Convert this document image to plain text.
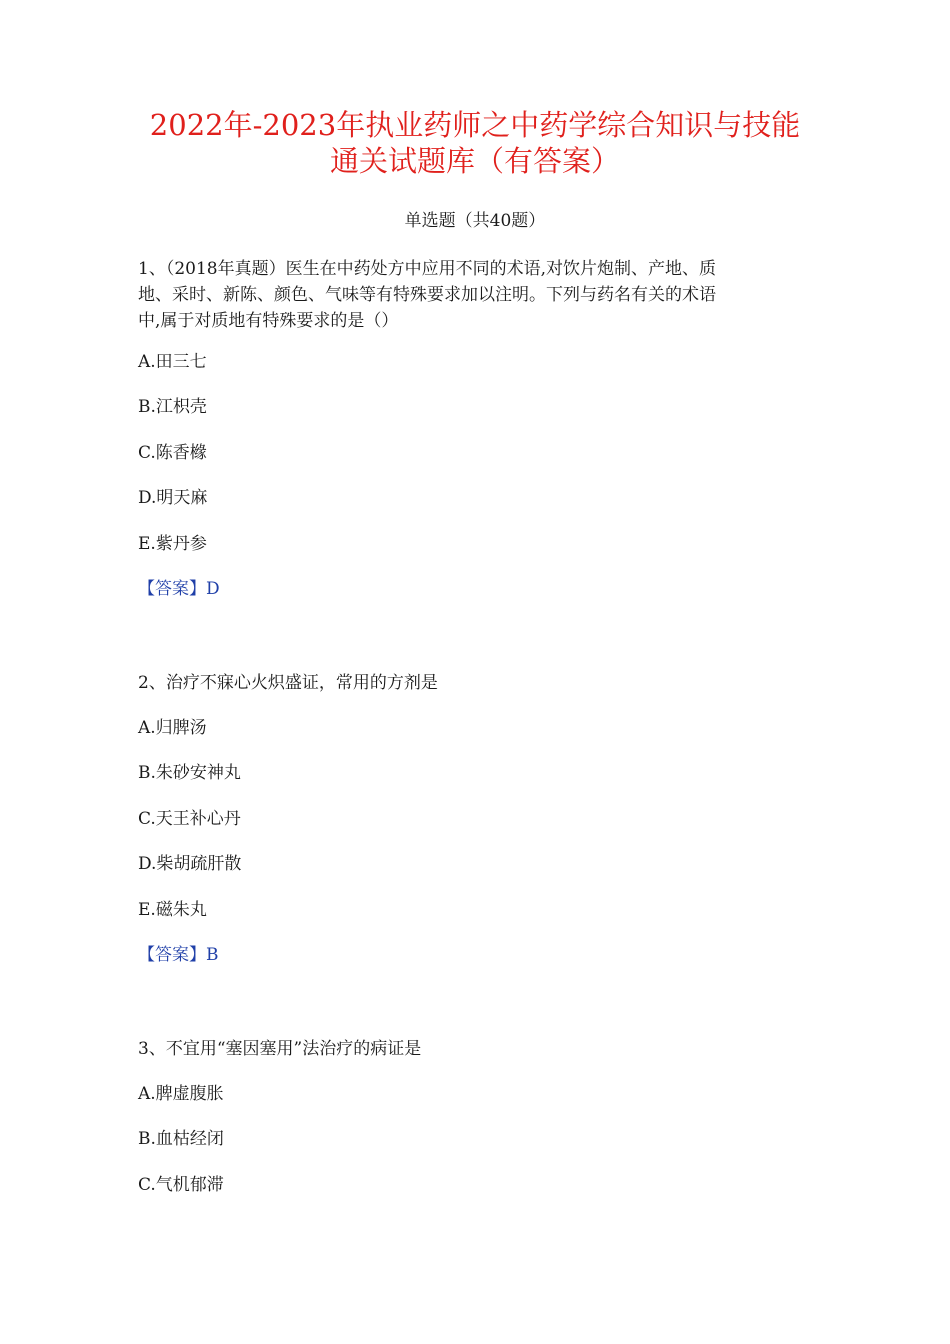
2022年-2023年执业药师之中药学综合知识与技能
通关试题库（有答案）
单选题（共40题）
1、（2018年真题）医生在中药处方中应用不同的术语,对饮片炮制、产地、质
地、采时、新陈、颜色、气味等有特殊要求加以注明。下列与药名有关的术语
中,属于对质地有特殊要求的是（）
A.田三七
B.江枳壳
C.陈香橼
D.明天麻
E.紫丹参
【答案】D
2、治疗不寐心火炽盛证，常用的方剂是
A.归脾汤
B.朱砂安神丸
C.天王补心丹
D.柴胡疏肝散
E.磁朱丸
【答案】B
3、不宜用“塞因塞用”法治疗的病证是
A.脾虚腹胀
B.血枯经闭
C.气机郁滞
